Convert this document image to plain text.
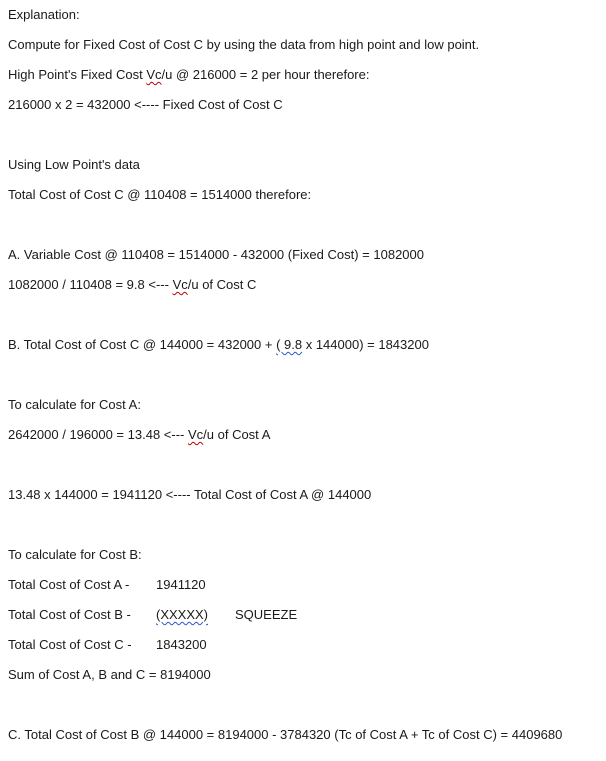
Explanation:
Compute for Fixed Cost of Cost C by using the data from high point and low point.
High Point's Fixed Cost Vc/u @ 216000 = 2 per hour therefore:
216000 x 2 = 432000 <---- Fixed Cost of Cost C
Using Low Point's data
Total Cost of Cost C @ 110408 = 1514000 therefore:
A. Variable Cost @ 110408 = 1514000 - 432000 (Fixed Cost) = 1082000
1082000 / 110408 = 9.8 <--- Vc/u of Cost C
B. Total Cost of Cost C @ 144000 = 432000 + ( 9.8 x 144000) = 1843200
To calculate for Cost A:
2642000 / 196000 = 13.48 <--- Vc/u of Cost A
13.48 x 144000 = 1941120 <---- Total Cost of Cost A @ 144000
To calculate for Cost B:
Total Cost of Cost A - 1941120
Total Cost of Cost B - (XXXXX) SQUEEZE
Total Cost of Cost C - 1843200
Sum of Cost A, B and C = 8194000
C. Total Cost of Cost B @ 144000 = 8194000 - 3784320 (Tc of Cost A + Tc of Cost C) = 4409680
